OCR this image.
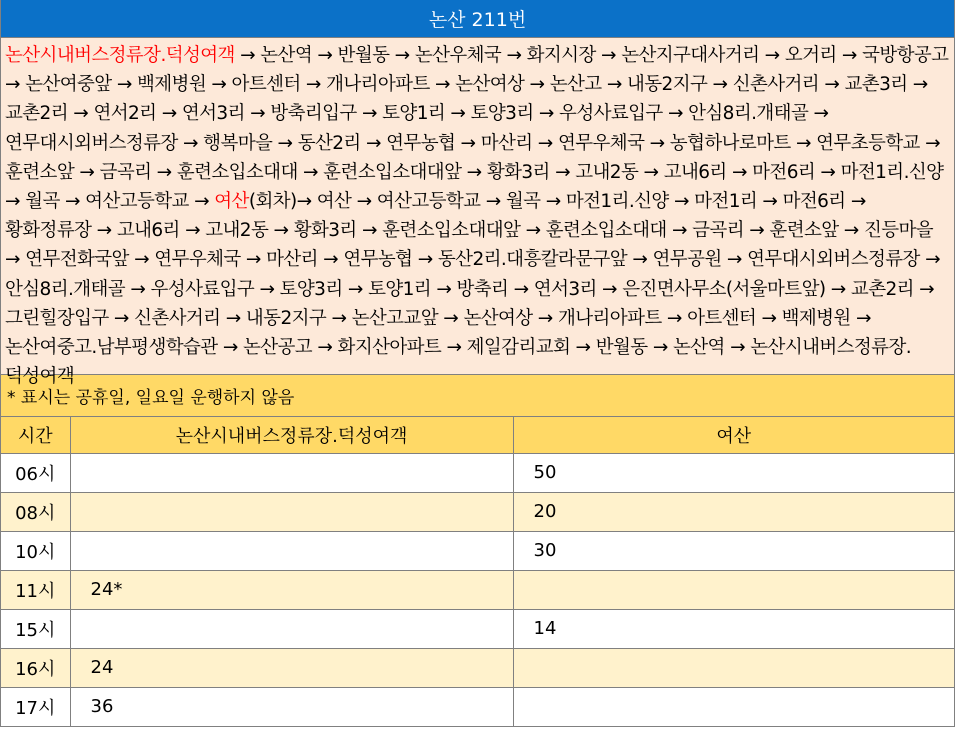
논산 211번
논산시내버스정류장.덕성여객 → 논산역 → 반월동 → 논산우체국 → 화지시장 → 논산지구대사거리 → 오거리 → 국방항공고 → 논산여중앞 → 백제병원 → 아트센터 → 개나리아파트 → 논산여상 → 논산고 → 내동2지구 → 신촌사거리 → 교촌3리 → 교촌2리 → 연서2리 → 연서3리 → 방축리입구 → 토양1리 → 토양3리 → 우성사료입구 → 안심8리.개태골 → 연무대시외버스정류장 → 행복마을 → 동산2리 → 연무농협 → 마산리 → 연무우체국 → 농협하나로마트 → 연무초등학교 → 훈련소앞 → 금곡리 → 훈련소입소대대 → 훈련소입소대대앞 → 황화3리 → 고내2동 → 고내6리 → 마전6리 → 마전1리.신양 → 월곡 → 여산고등학교 → 여산(회차)→ 여산 → 여산고등학교 → 월곡 → 마전1리.신양 → 마전1리 → 마전6리 → 황화정류장 → 고내6리 → 고내2동 → 황화3리 → 훈련소입소대대앞 → 훈련소입소대대 → 금곡리 → 훈련소앞 → 진등마을 → 연무전화국앞 → 연무우체국 → 마산리 → 연무농협 → 동산2리.대흥칼라문구앞 → 연무공원 → 연무대시외버스정류장 → 안심8리.개태골 → 우성사료입구 → 토양3리 → 토양1리 → 방축리 → 연서3리 → 은진면사무소(서울마트앞) → 교촌2리 → 그린힐장입구 → 신촌사거리 → 내동2지구 → 논산고교앞 → 논산여상 → 개나리아파트 → 아트센터 → 백제병원 → 논산여중고.남부평생학습관 → 논산공고 → 화지산아파트 → 제일감리교회 → 반월동 → 논산역 → 논산시내버스정류장.덕성여객
* 표시는 공휴일, 일요일 운행하지 않음
시간	논산시내버스정류장.덕성여객	여산
06시		50
08시		20
10시		30
11시	24*	
15시		14
16시	24	
17시	36	
